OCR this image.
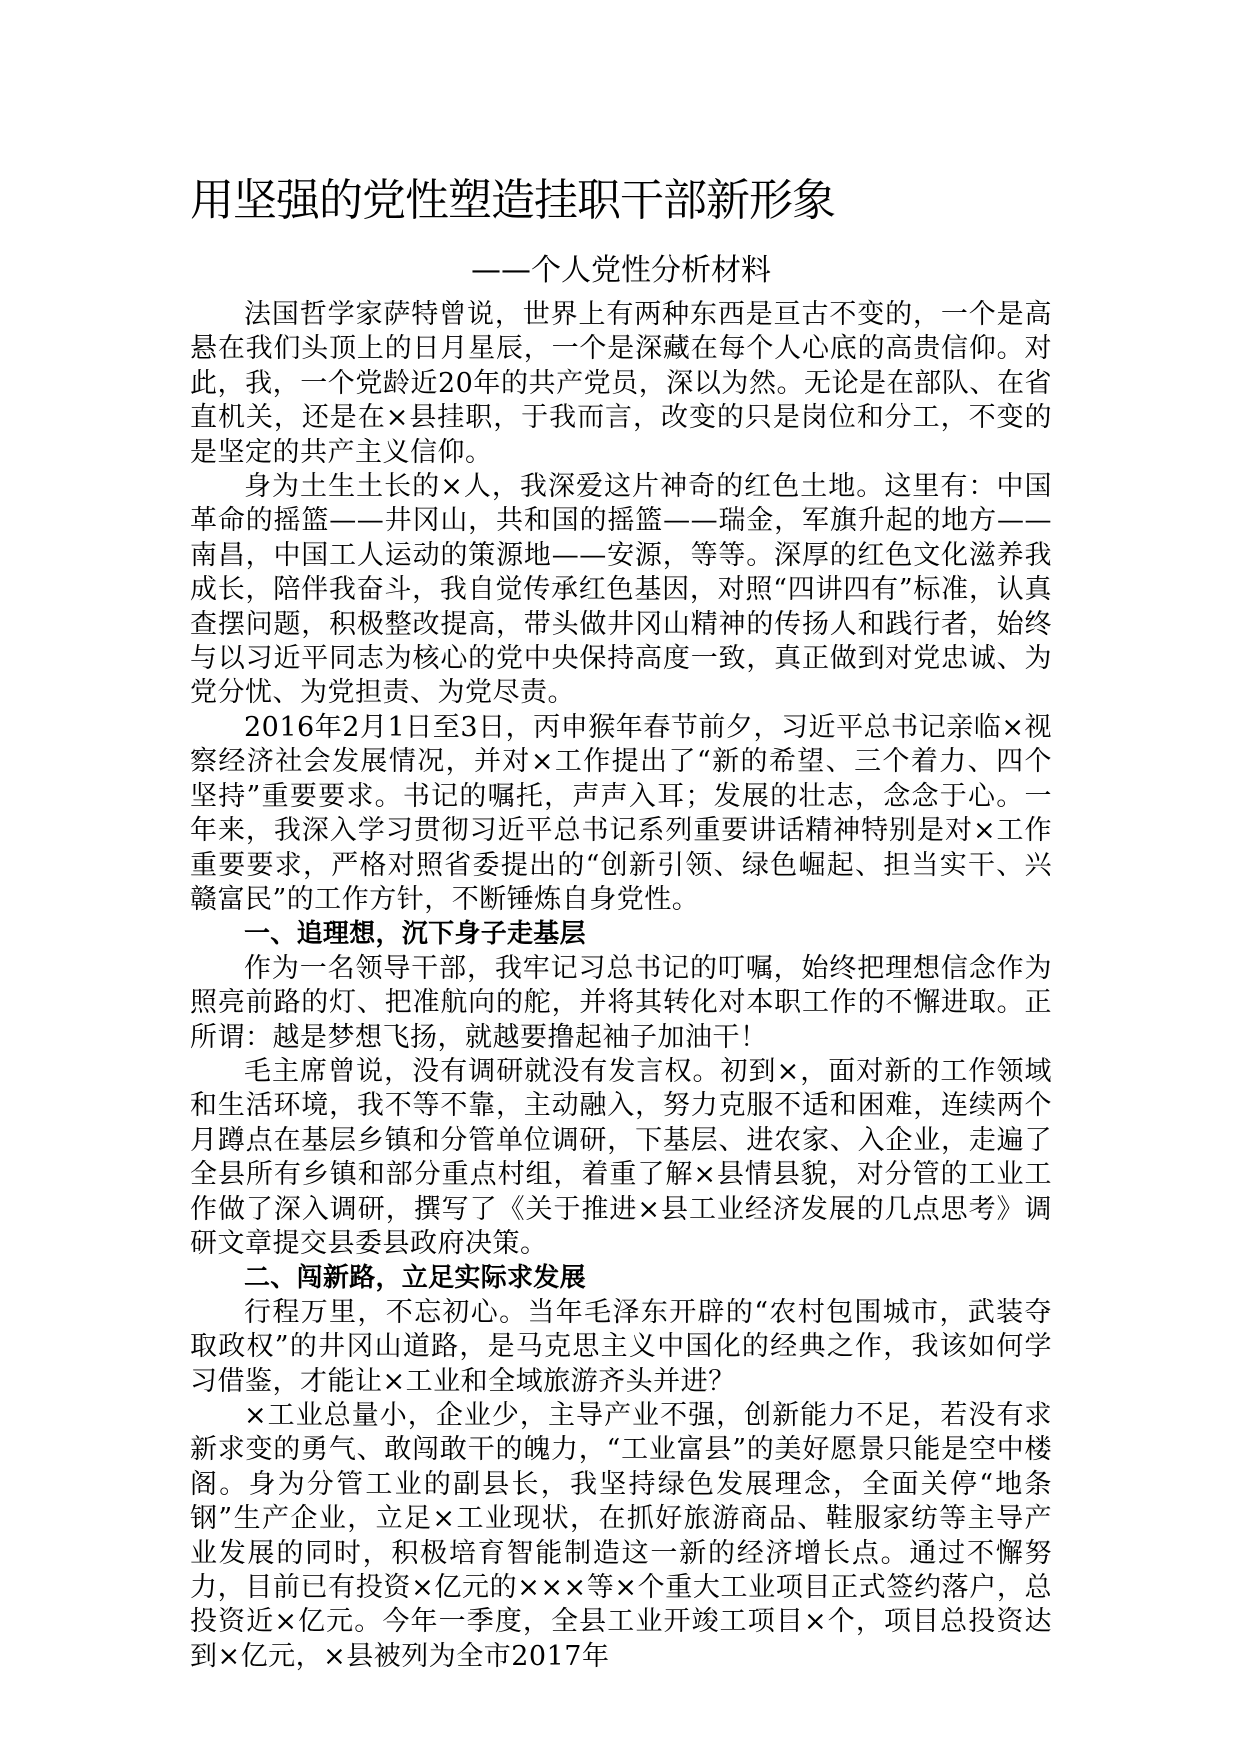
用坚强的党性塑造挂职干部新形象
——个人党性分析材料

法国哲学家萨特曾说，世界上有两种东西是亘古不变的，一个是高悬在我们头顶上的日月星辰，一个是深藏在每个人心底的高贵信仰。对此，我，一个党龄近20年的共产党员，深以为然。无论是在部队、在省直机关，还是在×县挂职，于我而言，改变的只是岗位和分工，不变的是坚定的共产主义信仰。

身为土生土长的×人，我深爱这片神奇的红色土地。这里有：中国革命的摇篮——井冈山，共和国的摇篮——瑞金，军旗升起的地方——南昌，中国工人运动的策源地——安源，等等。深厚的红色文化滋养我成长，陪伴我奋斗，我自觉传承红色基因，对照“四讲四有”标准，认真查摆问题，积极整改提高，带头做井冈山精神的传扬人和践行者，始终与以习近平同志为核心的党中央保持高度一致，真正做到对党忠诚、为党分忧、为党担责、为党尽责。

2016年2月1日至3日，丙申猴年春节前夕，习近平总书记亲临×视察经济社会发展情况，并对×工作提出了“新的希望、三个着力、四个坚持”重要要求。书记的嘱托，声声入耳；发展的壮志，念念于心。一年来，我深入学习贯彻习近平总书记系列重要讲话精神特别是对×工作重要要求，严格对照省委提出的“创新引领、绿色崛起、担当实干、兴赣富民”的工作方针，不断锤炼自身党性。

一、追理想，沉下身子走基层

作为一名领导干部，我牢记习总书记的叮嘱，始终把理想信念作为照亮前路的灯、把准航向的舵，并将其转化对本职工作的不懈进取。正所谓：越是梦想飞扬，就越要撸起袖子加油干！

毛主席曾说，没有调研就没有发言权。初到×，面对新的工作领域和生活环境，我不等不靠，主动融入，努力克服不适和困难，连续两个月蹲点在基层乡镇和分管单位调研，下基层、进农家、入企业，走遍了全县所有乡镇和部分重点村组，着重了解×县情县貌，对分管的工业工作做了深入调研，撰写了《关于推进×县工业经济发展的几点思考》调研文章提交县委县政府决策。

二、闯新路，立足实际求发展

行程万里，不忘初心。当年毛泽东开辟的“农村包围城市，武装夺取政权”的井冈山道路，是马克思主义中国化的经典之作，我该如何学习借鉴，才能让×工业和全域旅游齐头并进？

×工业总量小，企业少，主导产业不强，创新能力不足，若没有求新求变的勇气、敢闯敢干的魄力，“工业富县”的美好愿景只能是空中楼阁。身为分管工业的副县长，我坚持绿色发展理念，全面关停“地条钢”生产企业，立足×工业现状，在抓好旅游商品、鞋服家纺等主导产业发展的同时，积极培育智能制造这一新的经济增长点。通过不懈努力，目前已有投资×亿元的×××等×个重大工业项目正式签约落户，总投资近×亿元。今年一季度，全县工业开竣工项目×个，项目总投资达到×亿元，×县被列为全市2017年
